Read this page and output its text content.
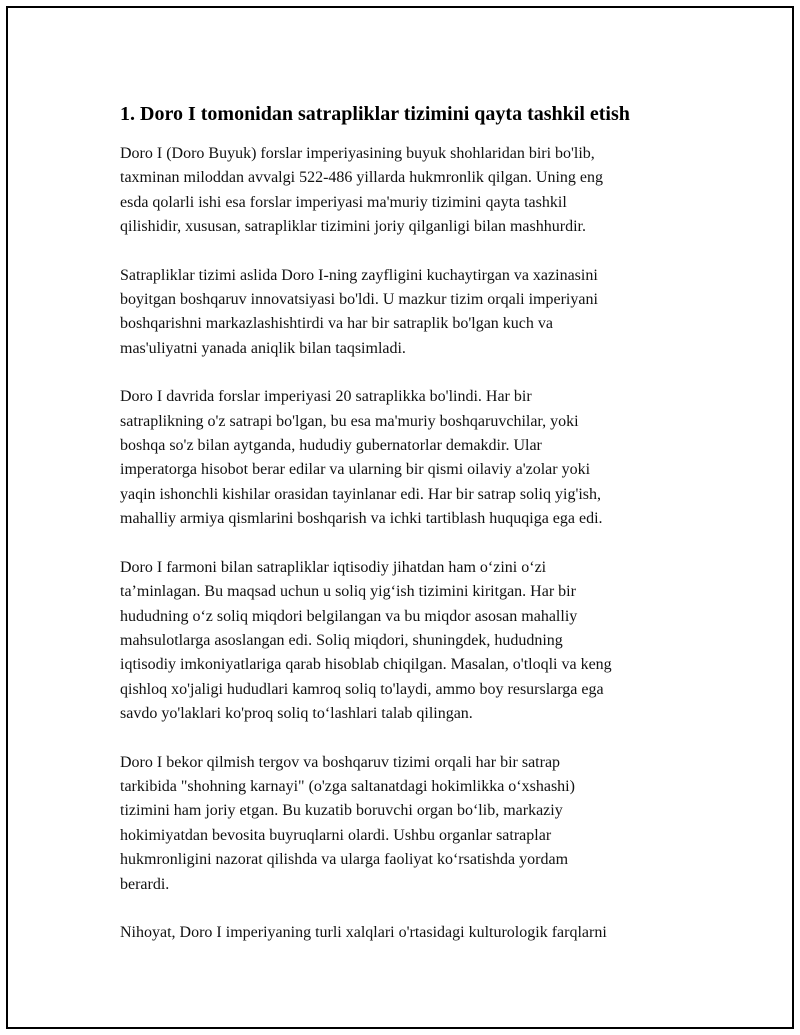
1. Doro I tomonidan satrapliklar tizimini qayta tashkil etish

Doro I (Doro Buyuk) forslar imperiyasining buyuk shohlaridan biri bo'lib,
taxminan miloddan avvalgi 522-486 yillarda hukmronlik qilgan. Uning eng
esda qolarli ishi esa forslar imperiyasi ma'muriy tizimini qayta tashkil
qilishidir, xususan, satrapliklar tizimini joriy qilganligi bilan mashhurdir.

Satrapliklar tizimi aslida Doro I-ning zayfligini kuchaytirgan va xazinasini
boyitgan boshqaruv innovatsiyasi bo'ldi. U mazkur tizim orqali imperiyani
boshqarishni markazlashishtirdi va har bir satraplik bo'lgan kuch va
mas'uliyatni yanada aniqlik bilan taqsimladi.

Doro I davrida forslar imperiyasi 20 satraplikka bo'lindi. Har bir
satraplikning o'z satrapi bo'lgan, bu esa ma'muriy boshqaruvchilar, yoki
boshqa so'z bilan aytganda, hududiy gubernatorlar demakdir. Ular
imperatorga hisobot berar edilar va ularning bir qismi oilaviy a'zolar yoki
yaqin ishonchli kishilar orasidan tayinlanar edi. Har bir satrap soliq yig'ish,
mahalliy armiya qismlarini boshqarish va ichki tartiblash huquqiga ega edi.

Doro I farmoni bilan satrapliklar iqtisodiy jihatdan ham o‘zini o‘zi
ta’minlagan. Bu maqsad uchun u soliq yig‘ish tizimini kiritgan. Har bir
hududning o‘z soliq miqdori belgilangan va bu miqdor asosan mahalliy
mahsulotlarga asoslangan edi. Soliq miqdori, shuningdek, hududning
iqtisodiy imkoniyatlariga qarab hisoblab chiqilgan. Masalan, o'tloqli va keng
qishloq xo'jaligi hududlari kamroq soliq to'laydi, ammo boy resurslarga ega
savdo yo'laklari ko'proq soliq to‘lashlari talab qilingan.

Doro I bekor qilmish tergov va boshqaruv tizimi orqali har bir satrap
tarkibida "shohning karnayi" (o'zga saltanatdagi hokimlikka o‘xshashi)
tizimini ham joriy etgan. Bu kuzatib boruvchi organ bo‘lib, markaziy
hokimiyatdan bevosita buyruqlarni olardi. Ushbu organlar satraplar
hukmronligini nazorat qilishda va ularga faoliyat ko‘rsatishda yordam
berardi.

Nihoyat, Doro I imperiyaning turli xalqlari o'rtasidagi kulturologik farqlarni
